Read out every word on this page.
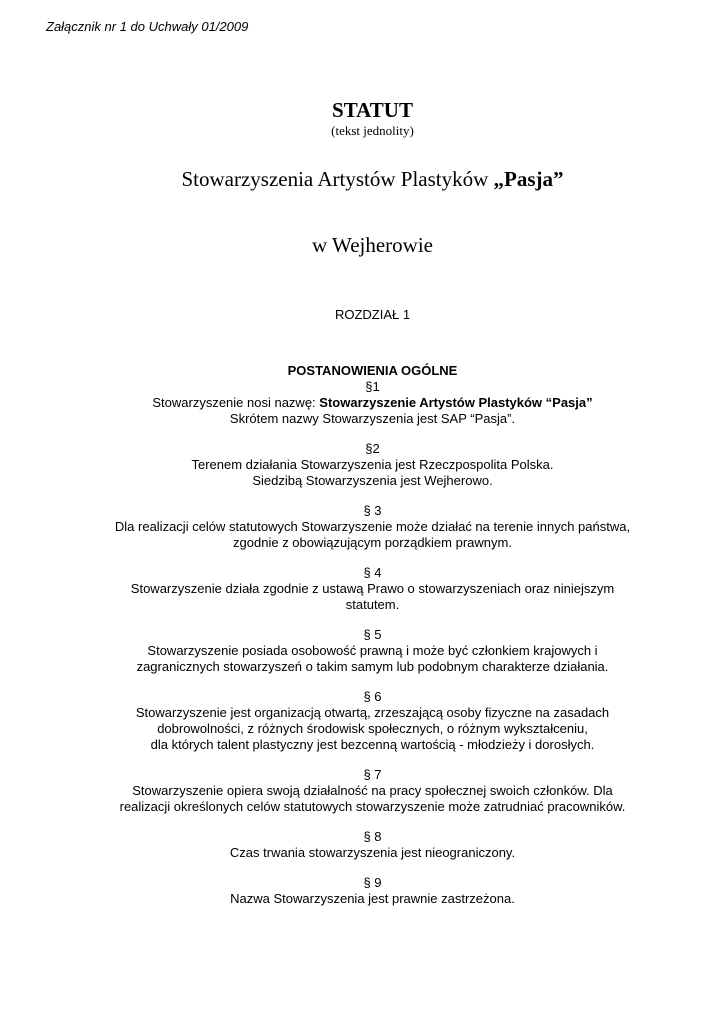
Załącznik nr 1 do Uchwały 01/2009
STATUT
(tekst jednolity)
Stowarzyszenia Artystów Plastyków „Pasja”
w Wejherowie
ROZDZIAŁ 1
POSTANOWIENIA OGÓLNE
§1
Stowarzyszenie nosi nazwę: Stowarzyszenie Artystów Plastyków “Pasja”
Skrótem nazwy Stowarzyszenia jest SAP “Pasja”.
§2
Terenem działania Stowarzyszenia jest Rzeczpospolita Polska.
Siedzibą Stowarzyszenia jest Wejherowo.
§ 3
Dla realizacji celów statutowych Stowarzyszenie może działać na terenie innych państwa,
zgodnie z obowiązującym porządkiem prawnym.
§ 4
Stowarzyszenie działa zgodnie z ustawą Prawo o stowarzyszeniach oraz niniejszym
statutem.
§ 5
Stowarzyszenie posiada osobowość prawną i może być członkiem krajowych i
zagranicznych stowarzyszeń o takim samym lub podobnym charakterze działania.
§ 6
Stowarzyszenie jest organizacją otwartą, zrzeszającą osoby fizyczne na zasadach
dobrowolności, z różnych środowisk społecznych, o różnym wykształceniu,
dla których talent plastyczny jest bezcenną wartością - młodzieży i dorosłych.
§ 7
Stowarzyszenie opiera swoją działalność na pracy społecznej swoich członków. Dla
realizacji określonych celów statutowych stowarzyszenie może zatrudniać pracowników.
§ 8
Czas trwania stowarzyszenia jest nieograniczony.
§ 9
Nazwa Stowarzyszenia jest prawnie zastrzeżona.
